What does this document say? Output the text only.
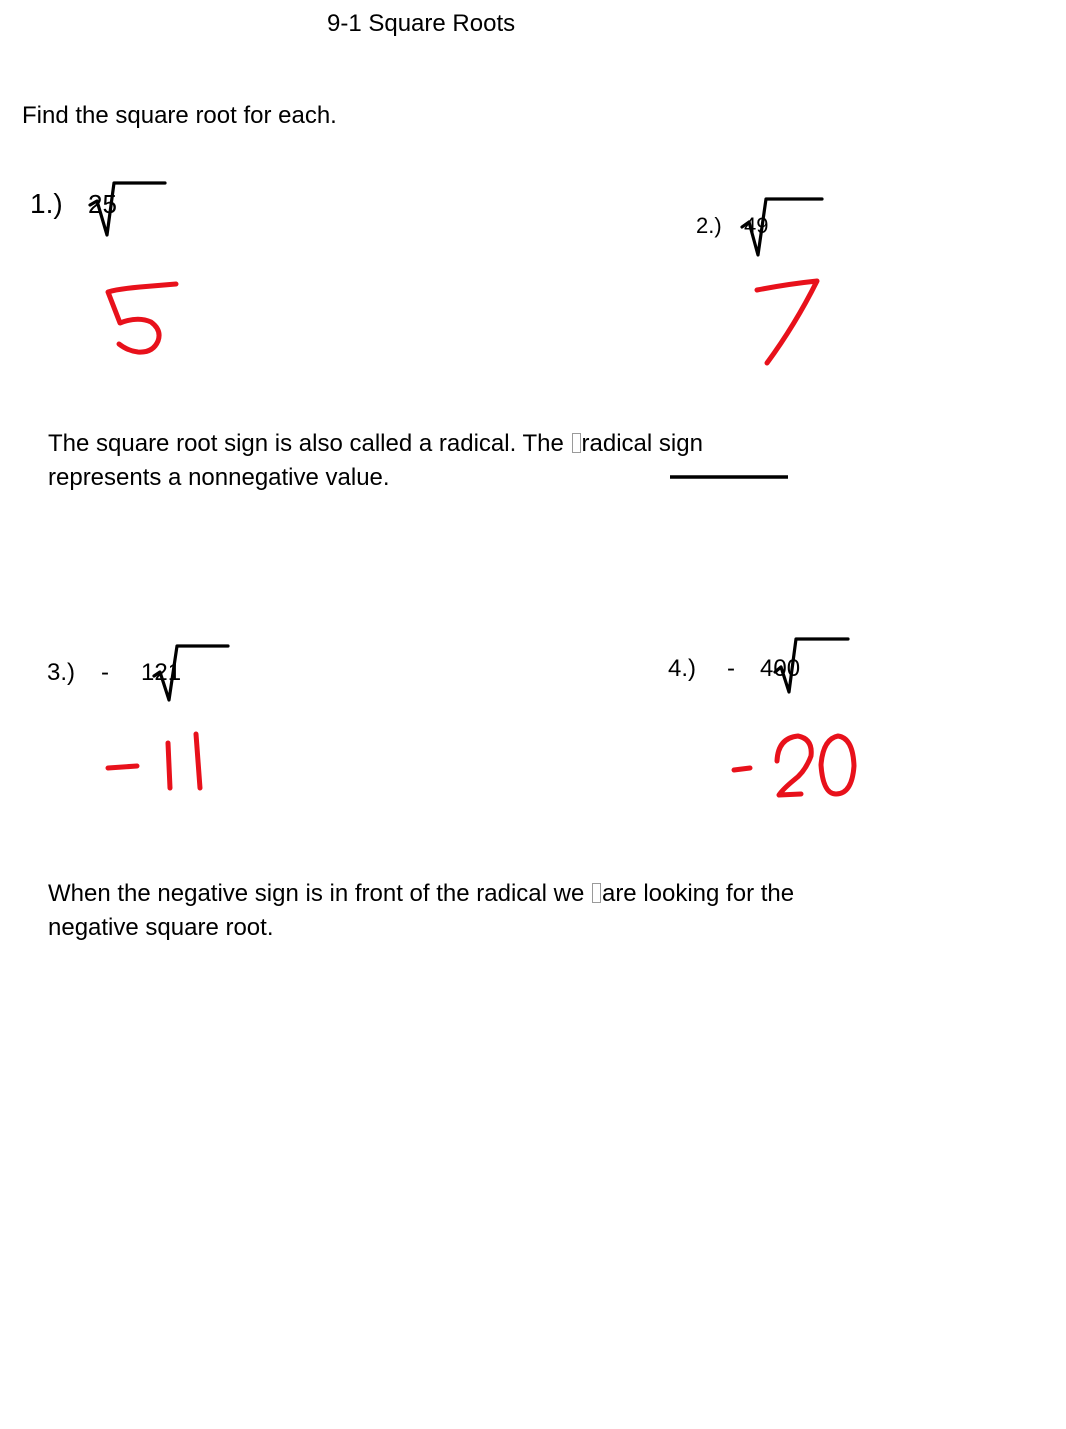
9-1 Square Roots
Find the square root for each.
1.) 25
2.) 49
The square root sign is also called a radical. The radical sign
represents a nonnegative value.
3.) - 121	4.) - 400
When the negative sign is in front of the radical we are looking for the
negative square root.
